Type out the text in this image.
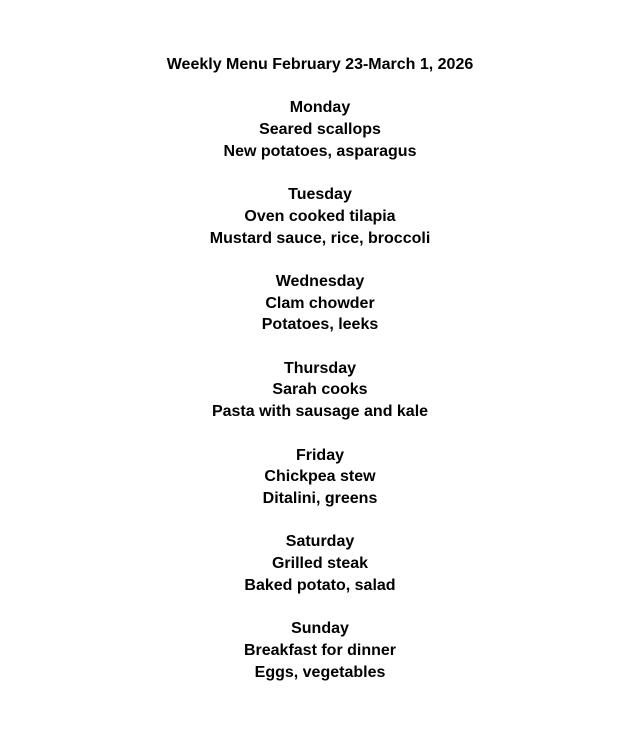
Weekly Menu February 23-March 1, 2026
Monday
Seared scallops
New potatoes, asparagus
Tuesday
Oven cooked tilapia
Mustard sauce, rice, broccoli
Wednesday
Clam chowder
Potatoes, leeks
Thursday
Sarah cooks
Pasta with sausage and kale
Friday
Chickpea stew
Ditalini, greens
Saturday
Grilled steak
Baked potato, salad
Sunday
Breakfast for dinner
Eggs, vegetables
